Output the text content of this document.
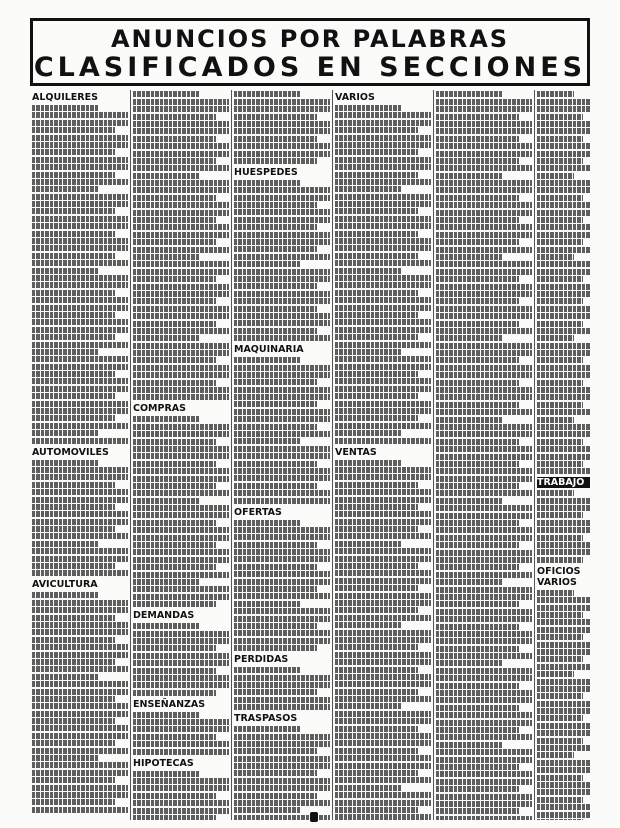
ANUNCIOS POR PALABRAS
CLASIFICADOS EN SECCIONES
ALQUILERES
AUTOMOVILES
AVICULTURA
COMPRAS
DEMANDAS
ENSEÑANZAS
HIPOTECAS
HUESPEDES
MAQUINARIA
OFERTAS
PERDIDAS
TRASPASOS
VARIOS
VENTAS
TRABAJO
OFICIOS VARIOS
